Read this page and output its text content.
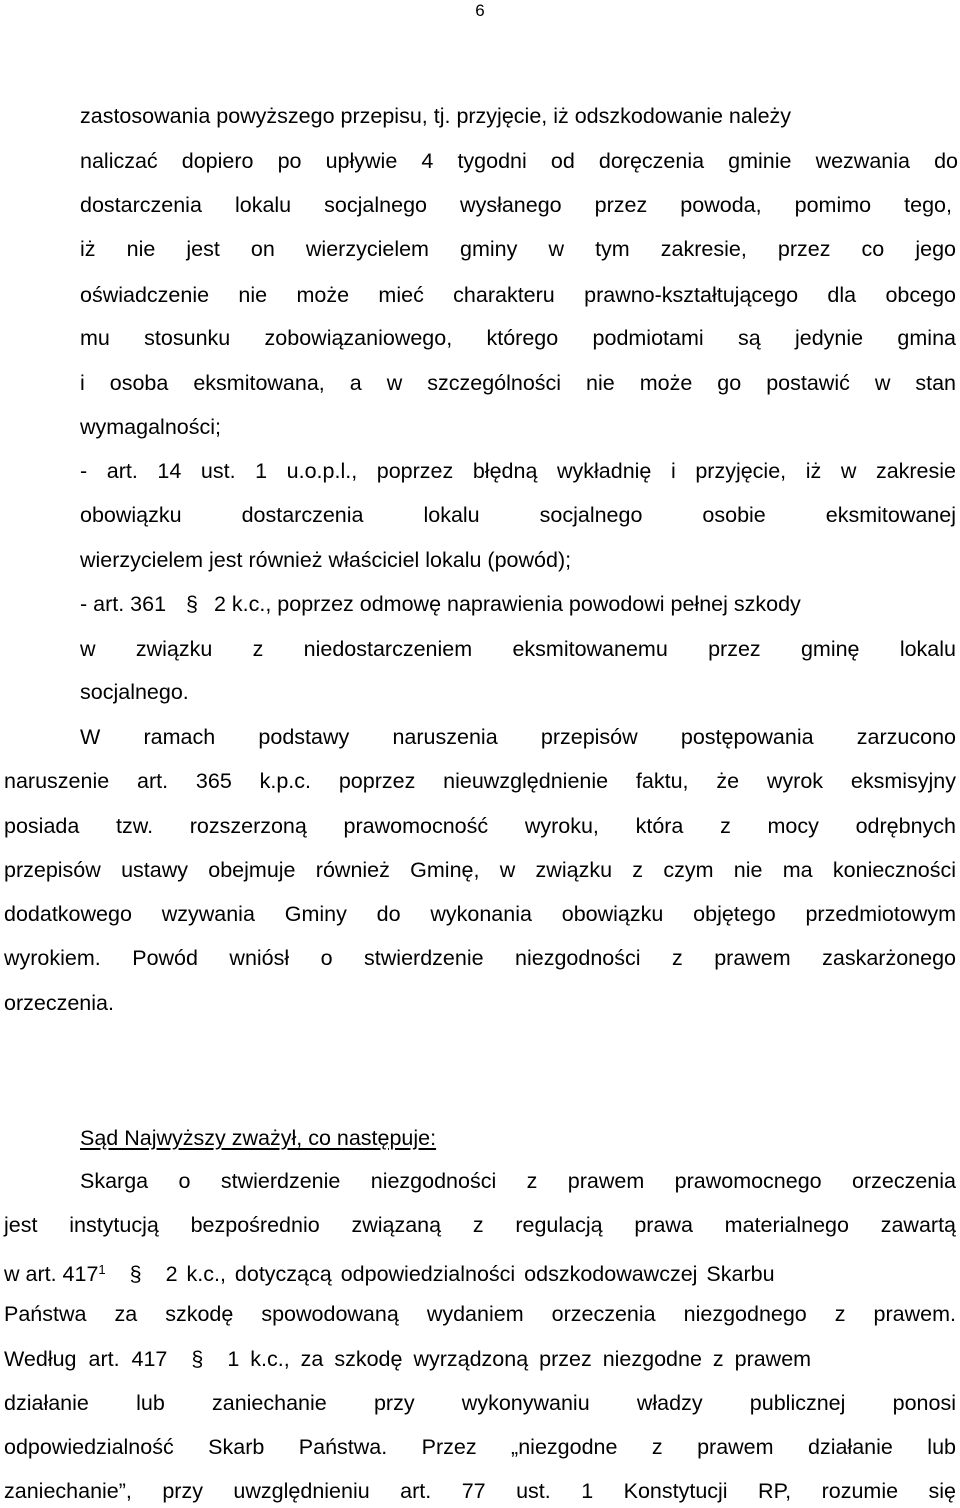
6
zastosowania powyższego przepisu, tj. przyjęcie, iż odszkodowanie należy
naliczać dopiero po upływie 4 tygodni od doręczenia gminie wezwania do
dostarczenia lokalu socjalnego wysłanego przez powoda, pomimo tego,
iż nie jest on wierzycielem gminy w tym zakresie, przez co jego
oświadczenie nie może mieć charakteru prawno-kształtującego dla obcego
mu stosunku zobowiązaniowego, którego podmiotami są jedynie gmina
i osoba eksmitowana, a w szczególności nie może go postawić w stan
wymagalności;
- art. 14 ust. 1 u.o.p.l., poprzez błędną wykładnię i przyjęcie, iż w zakresie
obowiązku dostarczenia lokalu socjalnego osobie eksmitowanej
wierzycielem jest również właściciel lokalu (powód);
- art. 361 § 2 k.c., poprzez odmowę naprawienia powodowi pełnej szkody
w związku z niedostarczeniem eksmitowanemu przez gminę lokalu
socjalnego.
W ramach podstawy naruszenia przepisów postępowania zarzucono
naruszenie art. 365 k.p.c. poprzez nieuwzględnienie faktu, że wyrok eksmisyjny
posiada tzw. rozszerzoną prawomocność wyroku, która z mocy odrębnych
przepisów ustawy obejmuje również Gminę, w związku z czym nie ma konieczności
dodatkowego wzywania Gminy do wykonania obowiązku objętego przedmiotowym
wyrokiem. Powód wniósł o stwierdzenie niezgodności z prawem zaskarżonego
orzeczenia.
Sąd Najwyższy zważył, co następuje:
Skarga o stwierdzenie niezgodności z prawem prawomocnego orzeczenia
jest instytucją bezpośrednio związaną z regulacją prawa materialnego zawartą
w art. $417^1$ § 2 k.c., dotyczącą odpowiedzialności odszkodowawczej Skarbu
Państwa za szkodę spowodowaną wydaniem orzeczenia niezgodnego z prawem.
Według art. 417 § 1 k.c., za szkodę wyrządzoną przez niezgodne z prawem
działanie lub zaniechanie przy wykonywaniu władzy publicznej ponosi
odpowiedzialność Skarb Państwa. Przez „niezgodne z prawem działanie lub
zaniechanie”, przy uwzględnieniu art. 77 ust. 1 Konstytucji RP, rozumie się
